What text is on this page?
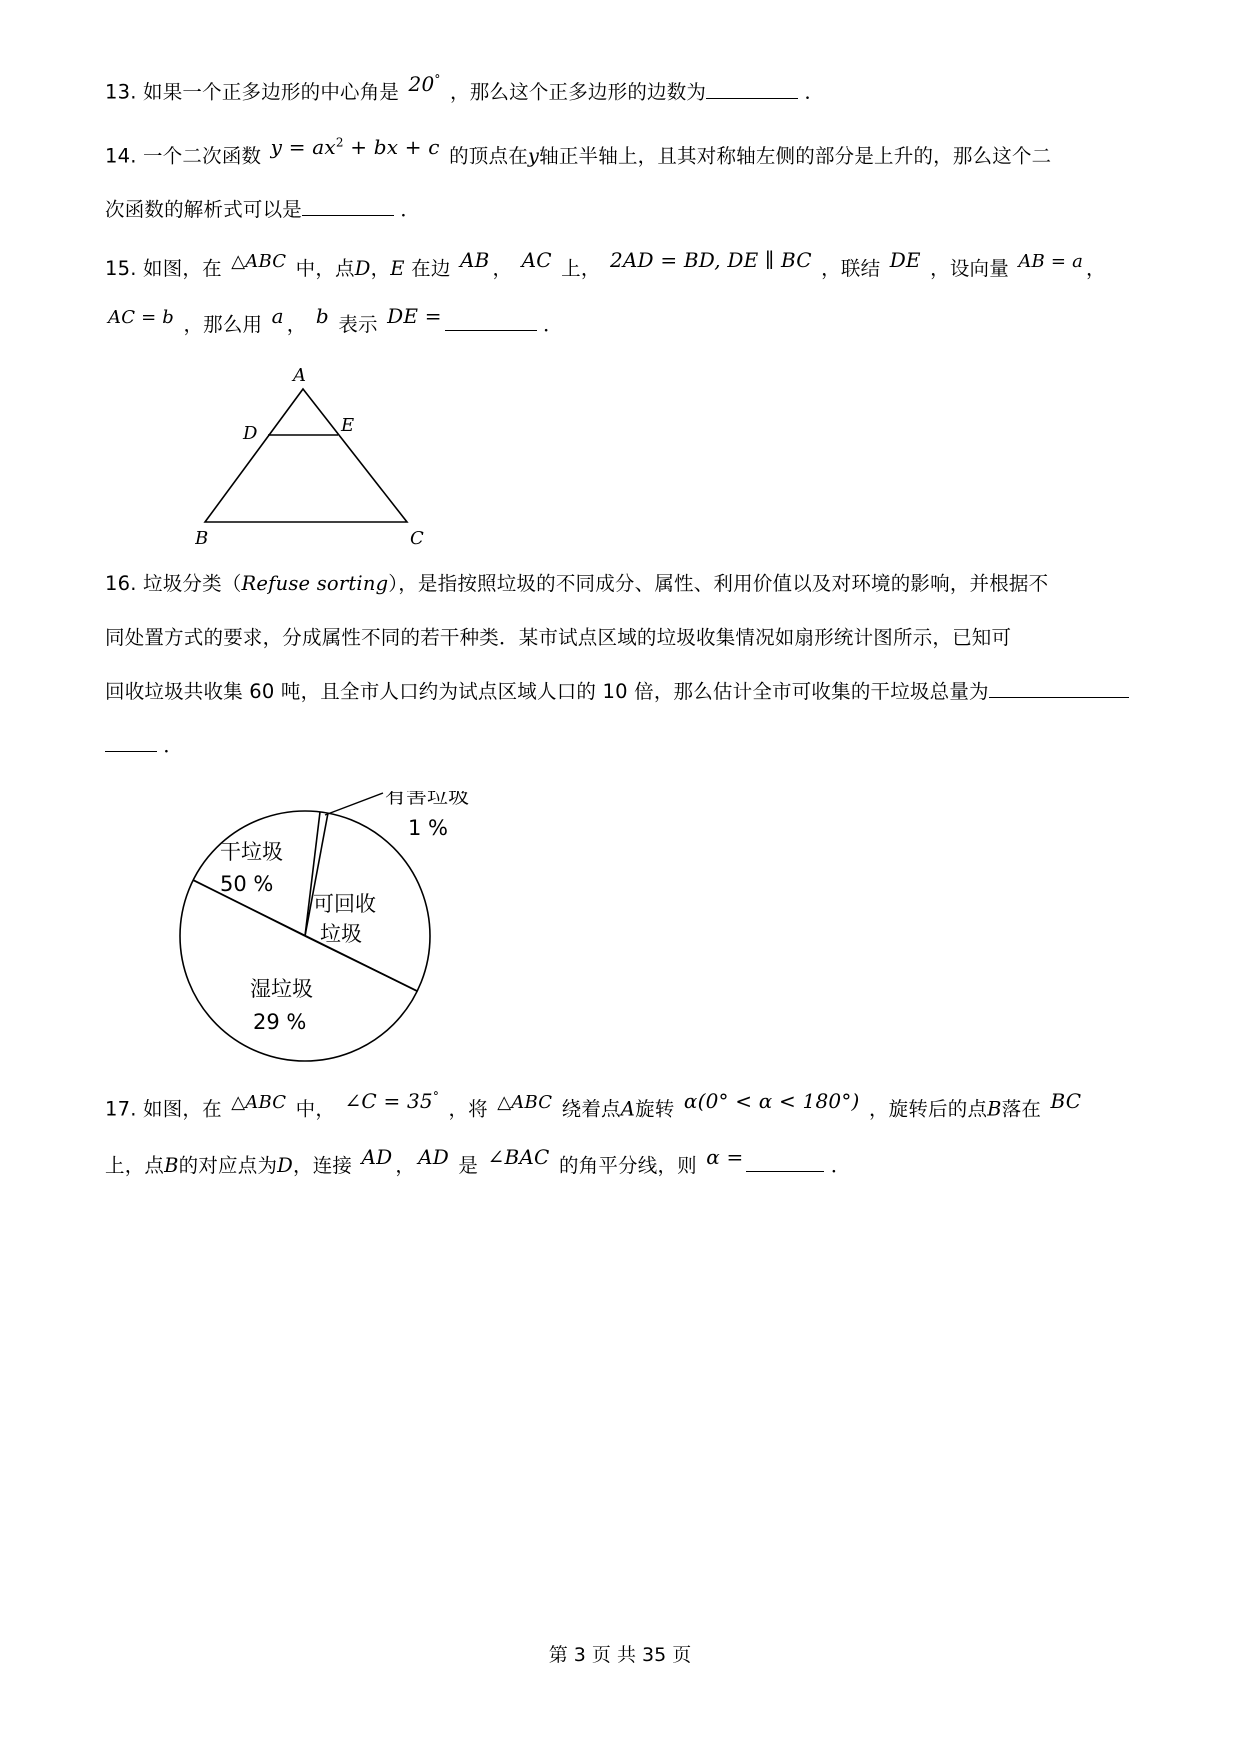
13. 如果一个正多边形的中心角是 20° ，那么这个正多边形的边数为	．
14. 一个二次函数 $y = ax^2$ + bx + c 的顶点在y轴正半轴上，且其对称轴左侧的部分是上升的，那么这个二
次函数的解析式可以是	．
15. 如图，在 △ABC 中，点D，E 在边 AB ， AC 上， 2AD = BD, DE ∥ BC ，联结 DE ，设向量 AB = a ，
AC = b ，那么用 a ， b 表示 DE =	．
A
D	E
B	C
16. 垃圾分类（Refuse sorting），是指按照垃圾的不同成分、属性、利用价值以及对环境的影响，并根据不
同处置方式的要求，分成属性不同的若干种类．某市试点区域的垃圾收集情况如扇形统计图所示，已知可
回收垃圾共收集 60 吨，且全市人口约为试点区域人口的 10 倍，那么估计全市可收集的干垃圾总量为
．
干垃圾
50 %
有害垃圾
1 %
可回收
垃圾
湿垃圾
29 %
17. 如图，在 △ABC 中， ∠C = 35° ，将 △ABC 绕着点A旋转 α(0° < α < 180°) ，旋转后的点B落在 BC
上，点B的对应点为D，连接 AD ， AD 是 ∠BAC 的角平分线，则 α =	．
第 3 页 共 35 页
